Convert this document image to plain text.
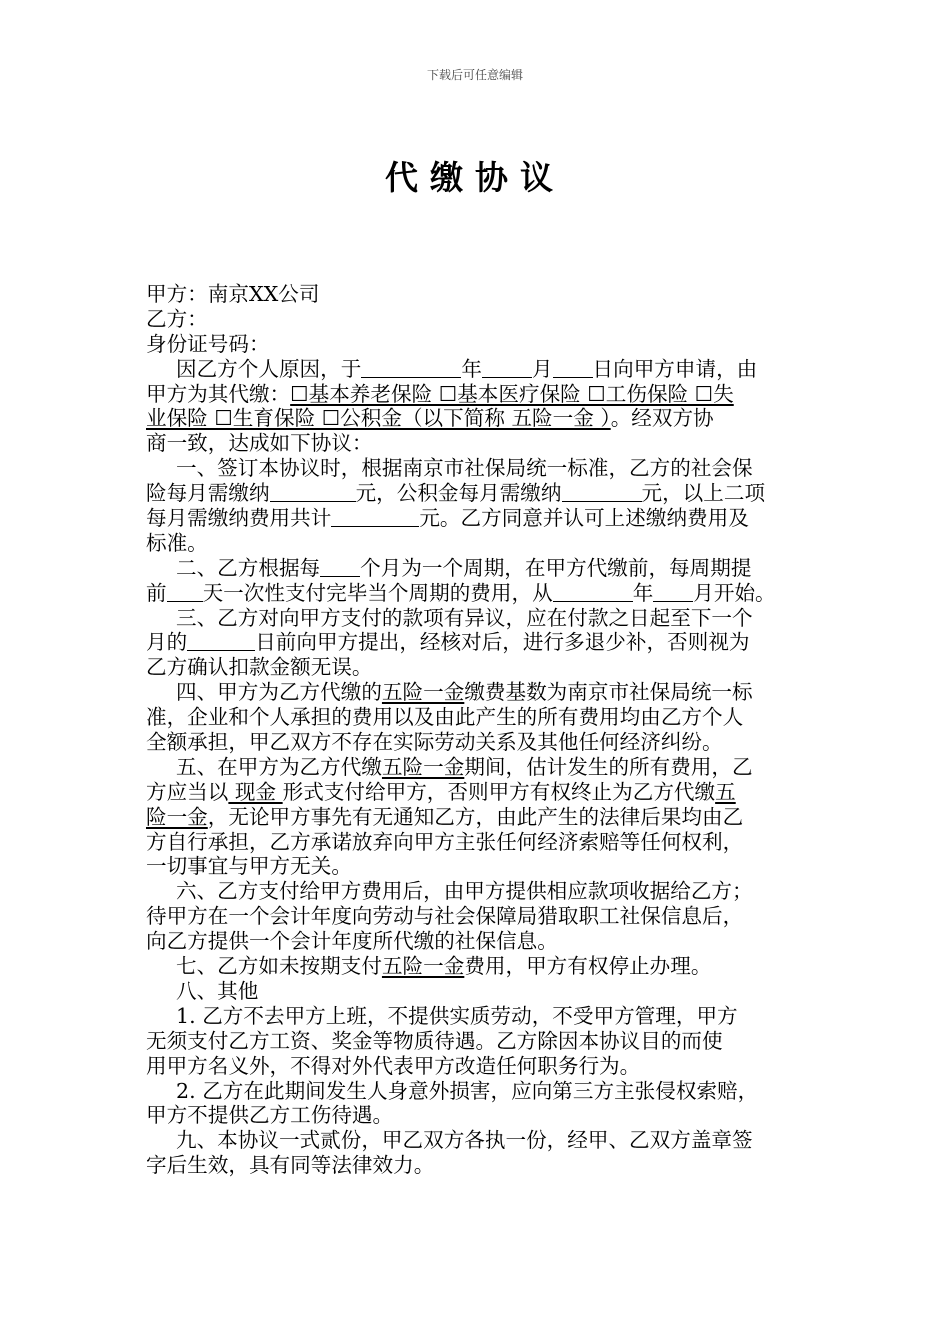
下载后可任意编辑
代缴协议
甲方：南京XX公司
乙方：
身份证号码：
因乙方个人原因，于	年 月 日向甲方申请，由
甲方为其代缴：☐基本养老保险 ☐基本医疗保险 ☐工伤保险 ☐失
业保险 ☐生育保险 ☐公积金（以下简称 五险一金 ）。经双方协
商一致，达成如下协议：
一、签订本协议时，根据南京市社保局统一标准，乙方的社会保
险每月需缴纳	元，公积金每月需缴纳	元，以上二项
每月需缴纳费用共计	元。乙方同意并认可上述缴纳费用及
标准。
二、乙方根据每 个月为一个周期，在甲方代缴前，每周期提
前 天一次性支付完毕当个周期的费用，从	年 月开始。
三、乙方对向甲方支付的款项有异议，应在付款之日起至下一个
月的	日前向甲方提出，经核对后，进行多退少补，否则视为
乙方确认扣款金额无误。
四、甲方为乙方代缴的五险一金缴费基数为南京市社保局统一标
准，企业和个人承担的费用以及由此产生的所有费用均由乙方个人
全额承担，甲乙双方不存在实际劳动关系及其他任何经济纠纷。
五、在甲方为乙方代缴五险一金期间，估计发生的所有费用，乙
方应当以 现金 形式支付给甲方，否则甲方有权终止为乙方代缴五
险一金，无论甲方事先有无通知乙方，由此产生的法律后果均由乙
方自行承担，乙方承诺放弃向甲方主张任何经济索赔等任何权利，
一切事宜与甲方无关。
六、乙方支付给甲方费用后，由甲方提供相应款项收据给乙方；
待甲方在一个会计年度向劳动与社会保障局猎取职工社保信息后，
向乙方提供一个会计年度所代缴的社保信息。
七、乙方如未按期支付五险一金费用，甲方有权停止办理。
八、其他
1. 乙方不去甲方上班，不提供实质劳动，不受甲方管理，甲方
无须支付乙方工资、奖金等物质待遇。乙方除因本协议目的而使
用甲方名义外，不得对外代表甲方改造任何职务行为。
2. 乙方在此期间发生人身意外损害，应向第三方主张侵权索赔，
甲方不提供乙方工伤待遇。
九、本协议一式贰份，甲乙双方各执一份，经甲、乙双方盖章签
字后生效，具有同等法律效力。
